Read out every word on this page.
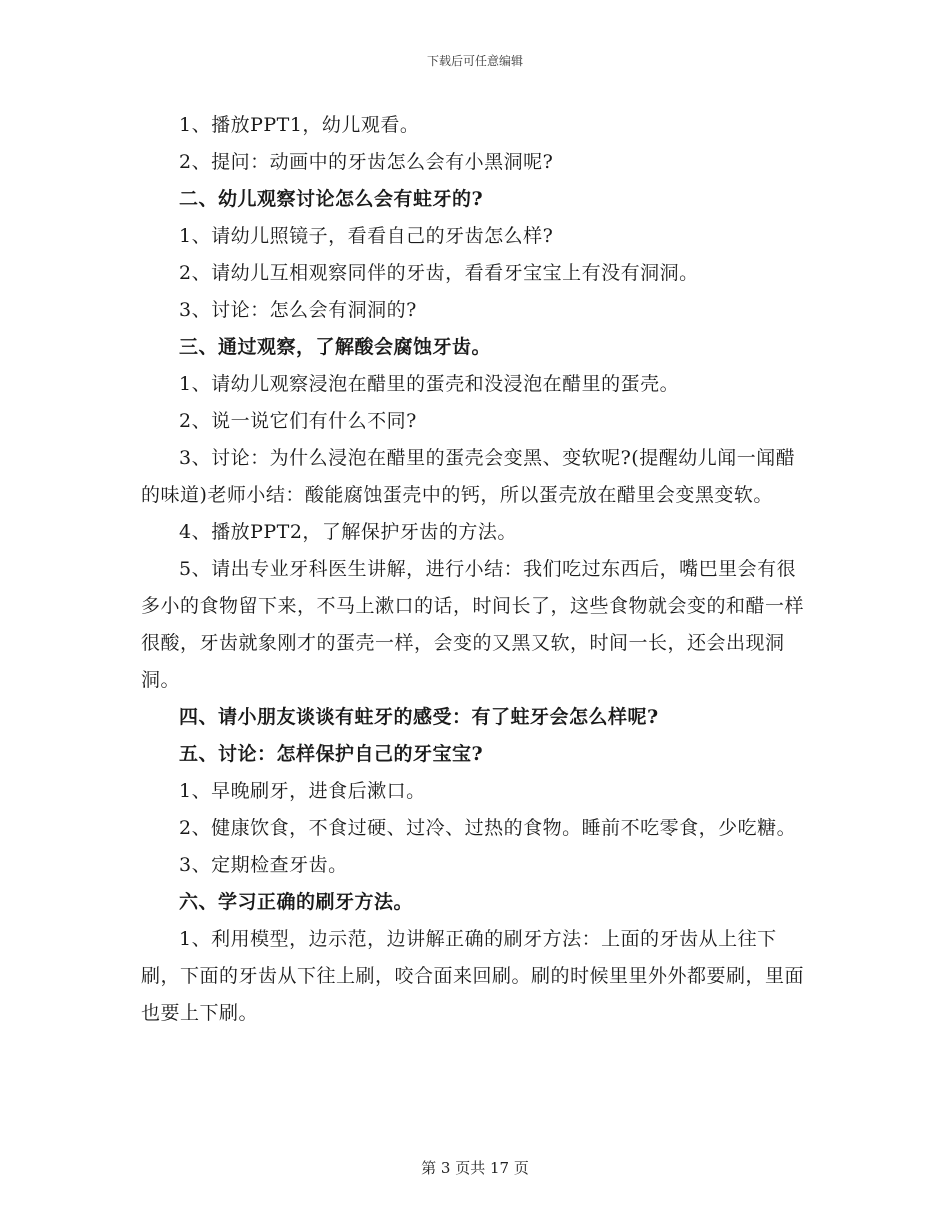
下载后可任意编辑

1、播放PPT1，幼儿观看。

2、提问：动画中的牙齿怎么会有小黑洞呢?

二、幼儿观察讨论怎么会有蛀牙的?

1、请幼儿照镜子，看看自己的牙齿怎么样?

2、请幼儿互相观察同伴的牙齿，看看牙宝宝上有没有洞洞。

3、讨论：怎么会有洞洞的?

三、通过观察，了解酸会腐蚀牙齿。

1、请幼儿观察浸泡在醋里的蛋壳和没浸泡在醋里的蛋壳。

2、说一说它们有什么不同?

3、讨论：为什么浸泡在醋里的蛋壳会变黑、变软呢?(提醒幼儿闻一闻醋的味道)老师小结：酸能腐蚀蛋壳中的钙，所以蛋壳放在醋里会变黑变软。

4、播放PPT2，了解保护牙齿的方法。

5、请出专业牙科医生讲解，进行小结：我们吃过东西后，嘴巴里会有很多小的食物留下来，不马上漱口的话，时间长了，这些食物就会变的和醋一样很酸，牙齿就象刚才的蛋壳一样，会变的又黑又软，时间一长，还会出现洞洞。

四、请小朋友谈谈有蛀牙的感受：有了蛀牙会怎么样呢?

五、讨论：怎样保护自己的牙宝宝?

1、早晚刷牙，进食后漱口。

2、健康饮食，不食过硬、过冷、过热的食物。睡前不吃零食，少吃糖。

3、定期检查牙齿。

六、学习正确的刷牙方法。

1、利用模型，边示范，边讲解正确的刷牙方法：上面的牙齿从上往下刷，下面的牙齿从下往上刷，咬合面来回刷。刷的时候里里外外都要刷，里面也要上下刷。

第 3 页共 17 页
